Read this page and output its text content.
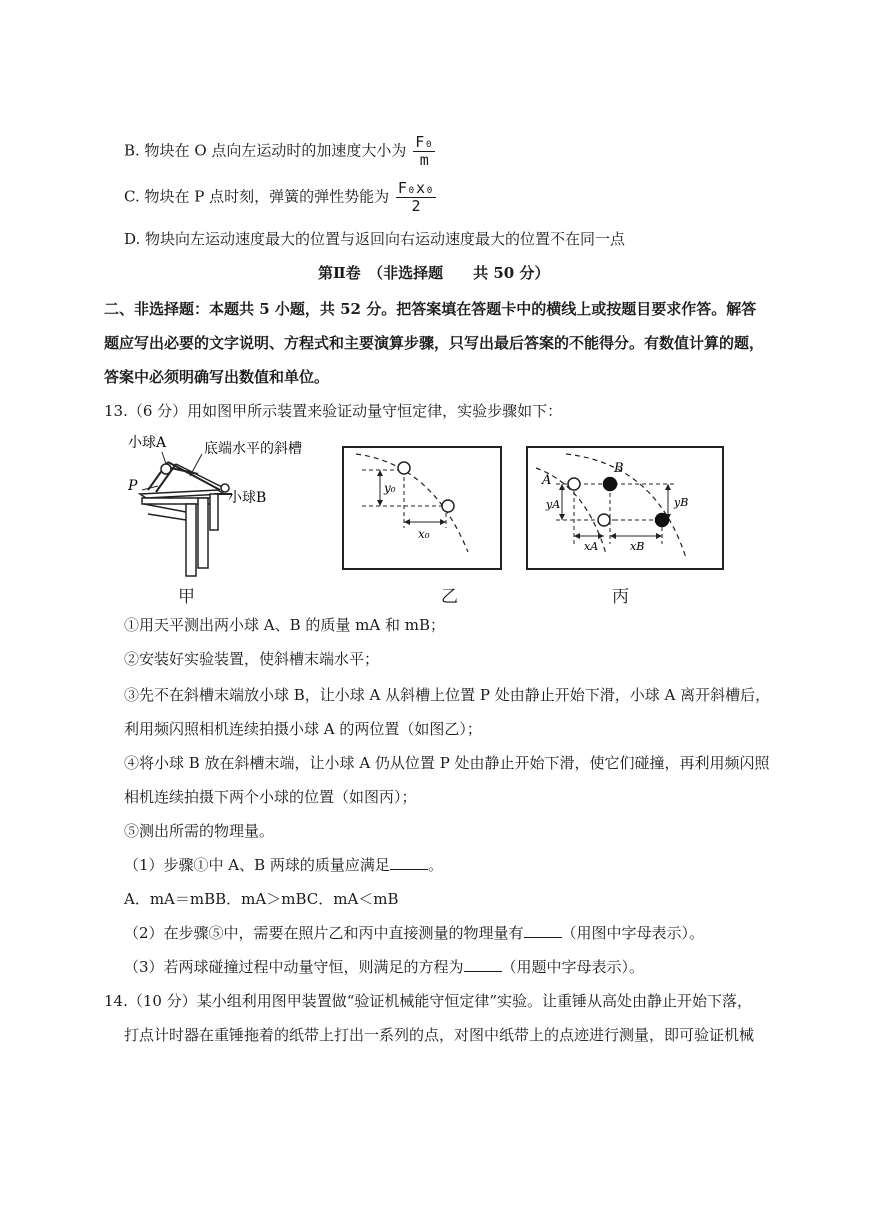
B. 物块在 O 点向左运动时的加速度大小为 $\frac{\text{F₀}}{m}$
C. 物块在 P 点时刻，弹簧的弹性势能为 $\frac{\text{F₀x₀}}{2}$
D. 物块向左运动速度最大的位置与返回向右运动速度最大的位置不在同一点
第Ⅱ卷　（非选择题　　共 50 分）
二、非选择题：本题共 5 小题，共 52 分。把答案填在答题卡中的横线上或按题目要求作答。解答
题应写出必要的文字说明、方程式和主要演算步骤，只写出最后答案的不能得分。有数值计算的题，
答案中必须明确写出数值和单位。
13.（6 分）用如图甲所示装置来验证动量守恒定律，实验步骤如下：
小球A	底端水平的斜槽
P
小球B
甲
y₀
x₀
乙
A
B
yA	yB
xA	xB
丙
①用天平测出两小球 A、B 的质量 mA 和 mB；
②安装好实验装置，使斜槽末端水平；
③先不在斜槽末端放小球 B，让小球 A 从斜槽上位置 P 处由静止开始下滑，小球 A 离开斜槽后，
利用频闪照相机连续拍摄小球 A 的两位置（如图乙）；
④将小球 B 放在斜槽末端，让小球 A 仍从位置 P 处由静止开始下滑，使它们碰撞，再利用频闪照
相机连续拍摄下两个小球的位置（如图丙）；
⑤测出所需的物理量。
（1）步骤①中 A、B 两球的质量应满足	。
A．mA＝mBB．mA＞mBC．mA＜mB
（2）在步骤⑤中，需要在照片乙和丙中直接测量的物理量有	（用图中字母表示）。
（3）若两球碰撞过程中动量守恒，则满足的方程为	（用题中字母表示）。
14.（10 分）某小组利用图甲装置做“验证机械能守恒定律”实验。让重锤从高处由静止开始下落，
打点计时器在重锤拖着的纸带上打出一系列的点，对图中纸带上的点迹进行测量，即可验证机械
